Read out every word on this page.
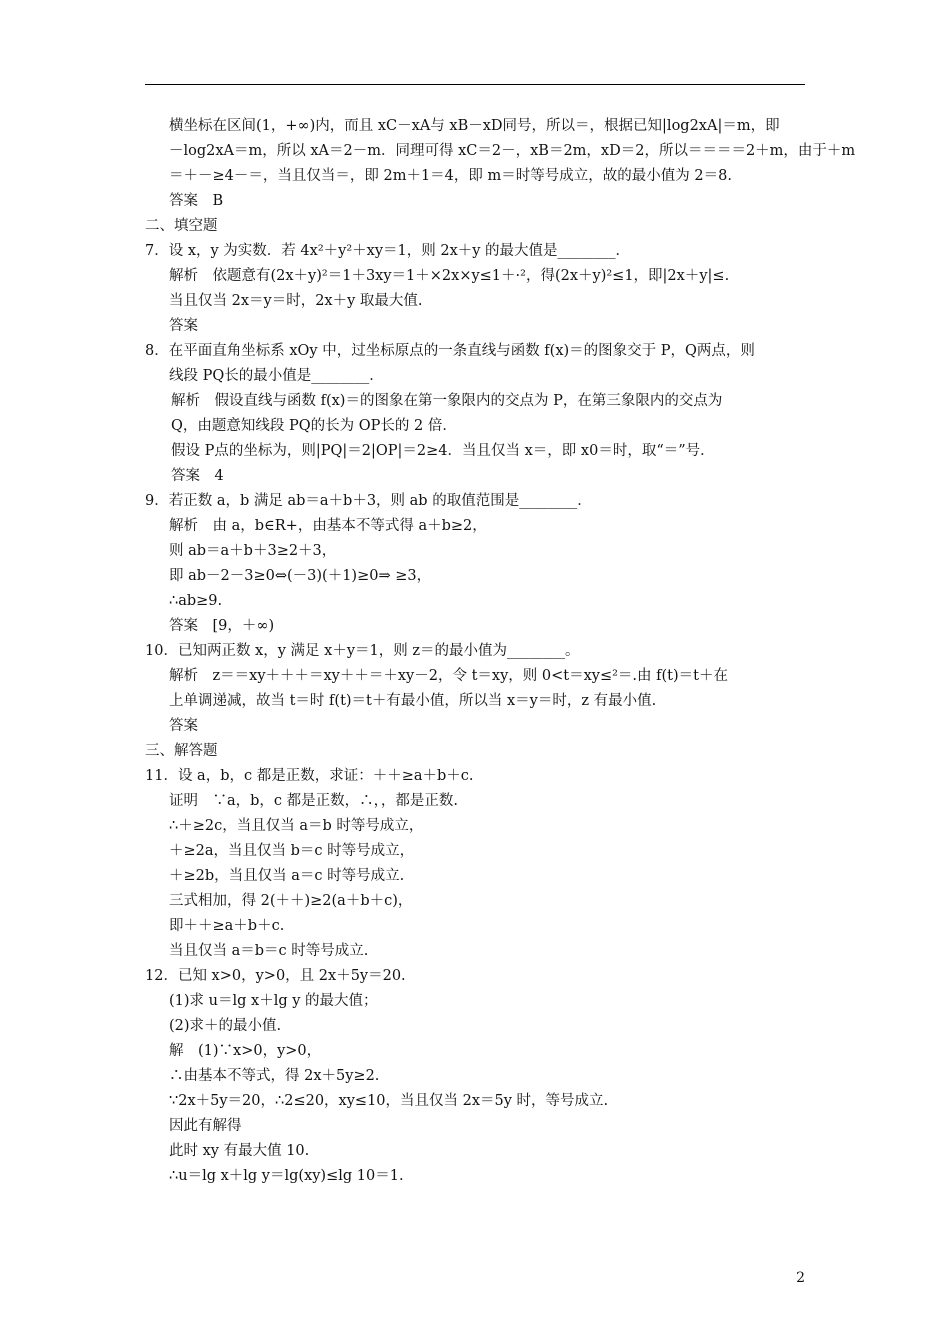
横坐标在区间(1，+∞)内，而且 xC－xA与 xB－xD同号，所以＝，根据已知|log2xA|＝m，即
－log2xA＝m，所以 xA＝2－m．同理可得 xC＝2－，xB＝2m，xD＝2，所以＝＝＝＝2＋m，由于＋m
＝＋－≥4－＝，当且仅当＝，即 2m＋1＝4，即 m＝时等号成立，故的最小值为 2＝8.
答案　B
二、填空题
7．设 x，y 为实数．若 4x²＋y²＋xy＝1，则 2x＋y 的最大值是________．
解析　依题意有(2x＋y)²＝1＋3xy＝1＋×2x×y≤1＋·²，得(2x＋y)²≤1，即|2x＋y|≤.
当且仅当 2x＝y＝时，2x＋y 取最大值.
答案
8．在平面直角坐标系 xOy 中，过坐标原点的一条直线与函数 f(x)＝的图象交于 P，Q两点，则
线段 PQ长的最小值是________．
解析　假设直线与函数 f(x)＝的图象在第一象限内的交点为 P，在第三象限内的交点为
Q，由题意知线段 PQ的长为 OP长的 2 倍．
假设 P点的坐标为，则|PQ|＝2|OP|＝2≥4．当且仅当 x＝，即 x0＝时，取“＝”号．
答案　4
9．若正数 a，b 满足 ab＝a＋b＋3，则 ab 的取值范围是________．
解析　由 a，b∈R+，由基本不等式得 a＋b≥2，
则 ab＝a＋b＋3≥2＋3，
即 ab－2－3≥0⇔(－3)(＋1)≥0⇒ ≥3，
∴ab≥9.
答案　[9，＋∞)
10．已知两正数 x，y 满足 x＋y＝1，则 z＝的最小值为________。
解析　z＝＝xy＋＋＋＝xy＋＋＝＋xy－2，令 t＝xy，则 0<t＝xy≤²＝.由 f(t)＝t＋在
上单调递减，故当 t＝时 f(t)＝t＋有最小值，所以当 x＝y＝时，z 有最小值.
答案
三、解答题
11．设 a，b，c 都是正数，求证：＋＋≥a＋b＋c.
证明　∵a，b，c 都是正数，∴，，都是正数.
∴＋≥2c，当且仅当 a＝b 时等号成立，
＋≥2a，当且仅当 b＝c 时等号成立，
＋≥2b，当且仅当 a＝c 时等号成立.
三式相加，得 2(＋＋)≥2(a＋b＋c)，
即＋＋≥a＋b＋c.
当且仅当 a＝b＝c 时等号成立.
12．已知 x>0，y>0，且 2x＋5y＝20.
(1)求 u＝lg x＋lg y 的最大值；
(2)求＋的最小值.
解　(1)∵x>0，y>0，
∴由基本不等式，得 2x＋5y≥2.
∵2x＋5y＝20，∴2≤20，xy≤10，当且仅当 2x＝5y 时，等号成立.
因此有解得
此时 xy 有最大值 10.
∴u＝lg x＋lg y＝lg(xy)≤lg 10＝1.
2
